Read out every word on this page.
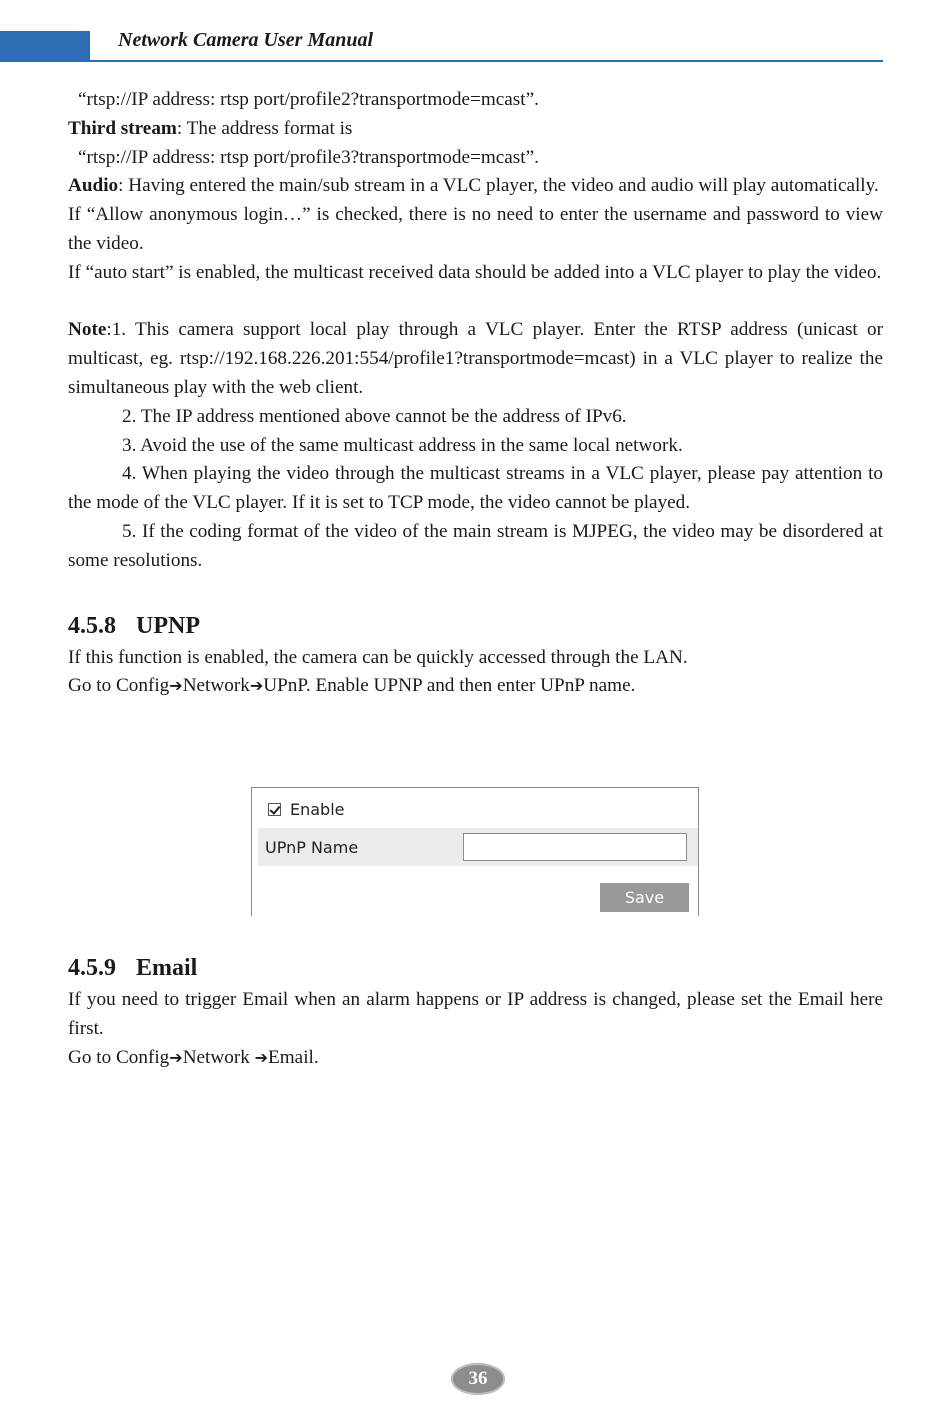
Network Camera User Manual

“rtsp://IP address: rtsp port/profile2?transportmode=mcast”.

Third stream: The address format is

“rtsp://IP address: rtsp port/profile3?transportmode=mcast”.

Audio: Having entered the main/sub stream in a VLC player, the video and audio will play automatically.

If “Allow anonymous login…” is checked, there is no need to enter the username and password to view the video.

If “auto start” is enabled, the multicast received data should be added into a VLC player to play the video.

Note:1. This camera support local play through a VLC player. Enter the RTSP address (unicast or multicast, eg. rtsp://192.168.226.201:554/profile1?transportmode=mcast) in a VLC player to realize the simultaneous play with the web client.

2. The IP address mentioned above cannot be the address of IPv6.

3. Avoid the use of the same multicast address in the same local network.

4. When playing the video through the multicast streams in a VLC player, please pay attention to the mode of the VLC player. If it is set to TCP mode, the video cannot be played.

5. If the coding format of the video of the main stream is MJPEG, the video may be disordered at some resolutions.

4.5.8 UPNP

If this function is enabled, the camera can be quickly accessed through the LAN.

Go to Config➔Network➔UPnP. Enable UPNP and then enter UPnP name.

Enable
UPnP Name
Save
4.5.9 Email

If you need to trigger Email when an alarm happens or IP address is changed, please set the Email here first.

Go to Config➔Network ➔Email.

36
